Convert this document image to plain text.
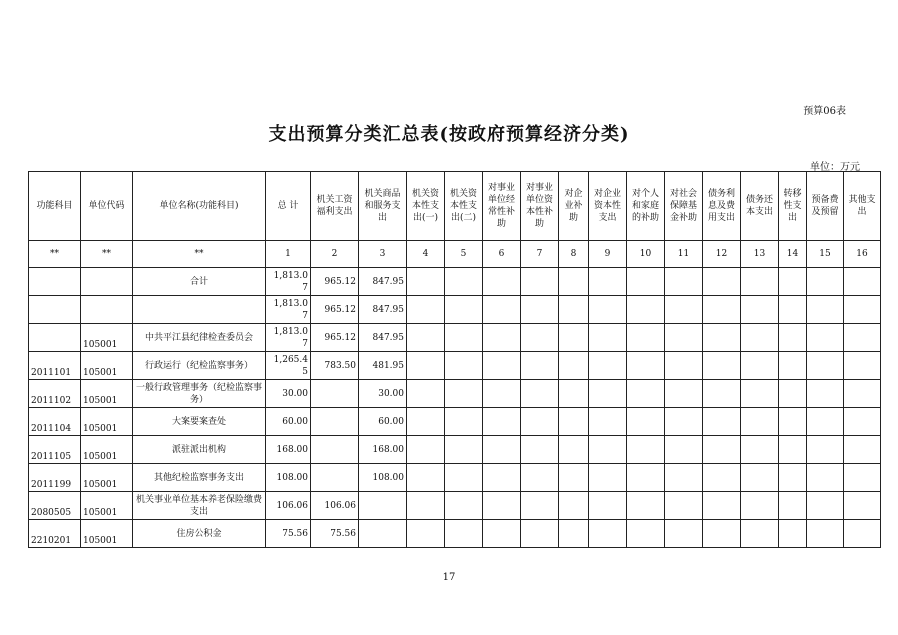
预算06表
支出预算分类汇总表(按政府预算经济分类)
单位：万元
功能科目	单位代码	单位名称(功能科目)	总 计	机关工资福利支出	机关商品和服务支出	机关资本性支出(一)	机关资本性支出(二)	对事业单位经常性补助	对事业单位资本性补助	对企业补助	对企业资本性支出	对个人和家庭的补助	对社会保障基金补助	债务利息及费用支出	债务还本支出	转移性支出	预备费及预留	其他支出
**	**	**	1	2	3	4	5	6	7	8	9	10	11	12	13	14	15	16
		合计	1,813.07	965.12	847.95													
			1,813.07	965.12	847.95													
	105001	中共平江县纪律检查委员会	1,813.07	965.12	847.95													
2011101	105001	行政运行（纪检监察事务）	1,265.45	783.50	481.95													
2011102	105001	一般行政管理事务（纪检监察事务）	30.00		30.00													
2011104	105001	大案要案查处	60.00		60.00													
2011105	105001	派驻派出机构	168.00		168.00													
2011199	105001	其他纪检监察事务支出	108.00		108.00													
2080505	105001	机关事业单位基本养老保险缴费支出	106.06	106.06														
2210201	105001	住房公积金	75.56	75.56														
17
